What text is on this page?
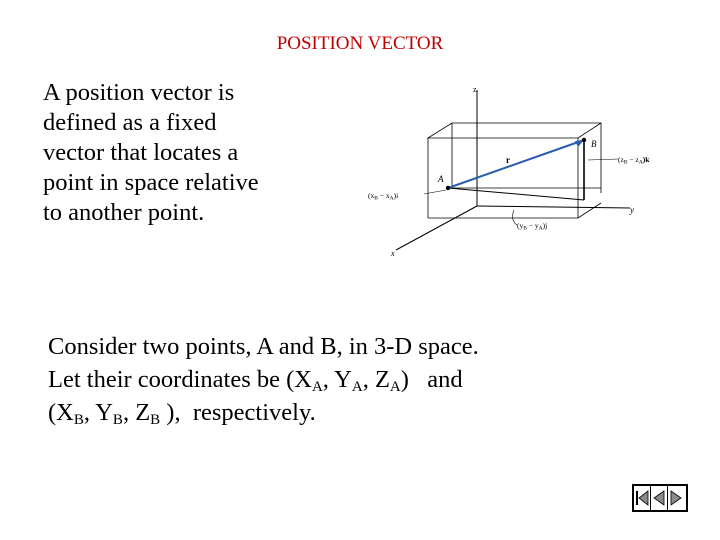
POSITION VECTOR

A position vector is

defined as a fixed

vector that locates a

point in space relative

to another point.

z
y
x
A
B
r
$(x_B - x_A)i$
$(z_B - z_A)k$
$(y_B - y_A)j$

Consider two points, A and B, in 3-D space.

Let their coordinates be ($X_A$, $Y_A$, $Z_A$)   and

($X_B$, $Y_B$, $Z_B$ ),  respectively.
